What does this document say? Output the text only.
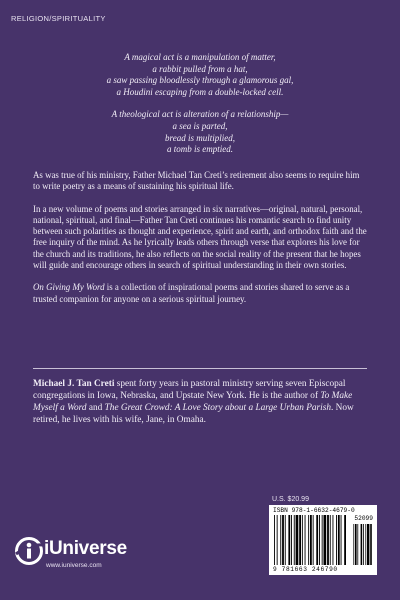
RELIGION/SPIRITUALITY

A magical act is a manipulation of matter,

a rabbit pulled from a hat,

a saw passing bloodlessly through a glamorous gal,

a Houdini escaping from a double-locked cell.

A theological act is alteration of a relationship—

a sea is parted,

bread is multiplied,

a tomb is emptied.

As was true of his ministry, Father Michael Tan Creti’s retirement also seems to require him to write poetry as a means of sustaining his spiritual life.

In a new volume of poems and stories arranged in six narratives—original, natural, personal, national, spiritual, and final—Father Tan Creti continues his romantic search to find unity between such polarities as thought and experience, spirit and earth, and orthodox faith and the free inquiry of the mind. As he lyrically leads others through verse that explores his love for the church and its traditions, he also reflects on the social reality of the present that he hopes will guide and encourage others in search of spiritual understanding in their own stories.

On Giving My Word is a collection of inspirational poems and stories shared to serve as a trusted companion for anyone on a serious spiritual journey.

Michael J. Tan Creti spent forty years in pastoral ministry serving seven Episcopal congregations in Iowa, Nebraska, and Upstate New York. He is the author of To Make Myself a Word and The Great Crowd: A Love Story about a Large Urban Parish. Now retired, he lives with his wife, Jane, in Omaha.
U.S. $20.99
ISBN 978-1-6632-4679-0
52099
9 781663 246790
iUniverse
www.iuniverse.com
